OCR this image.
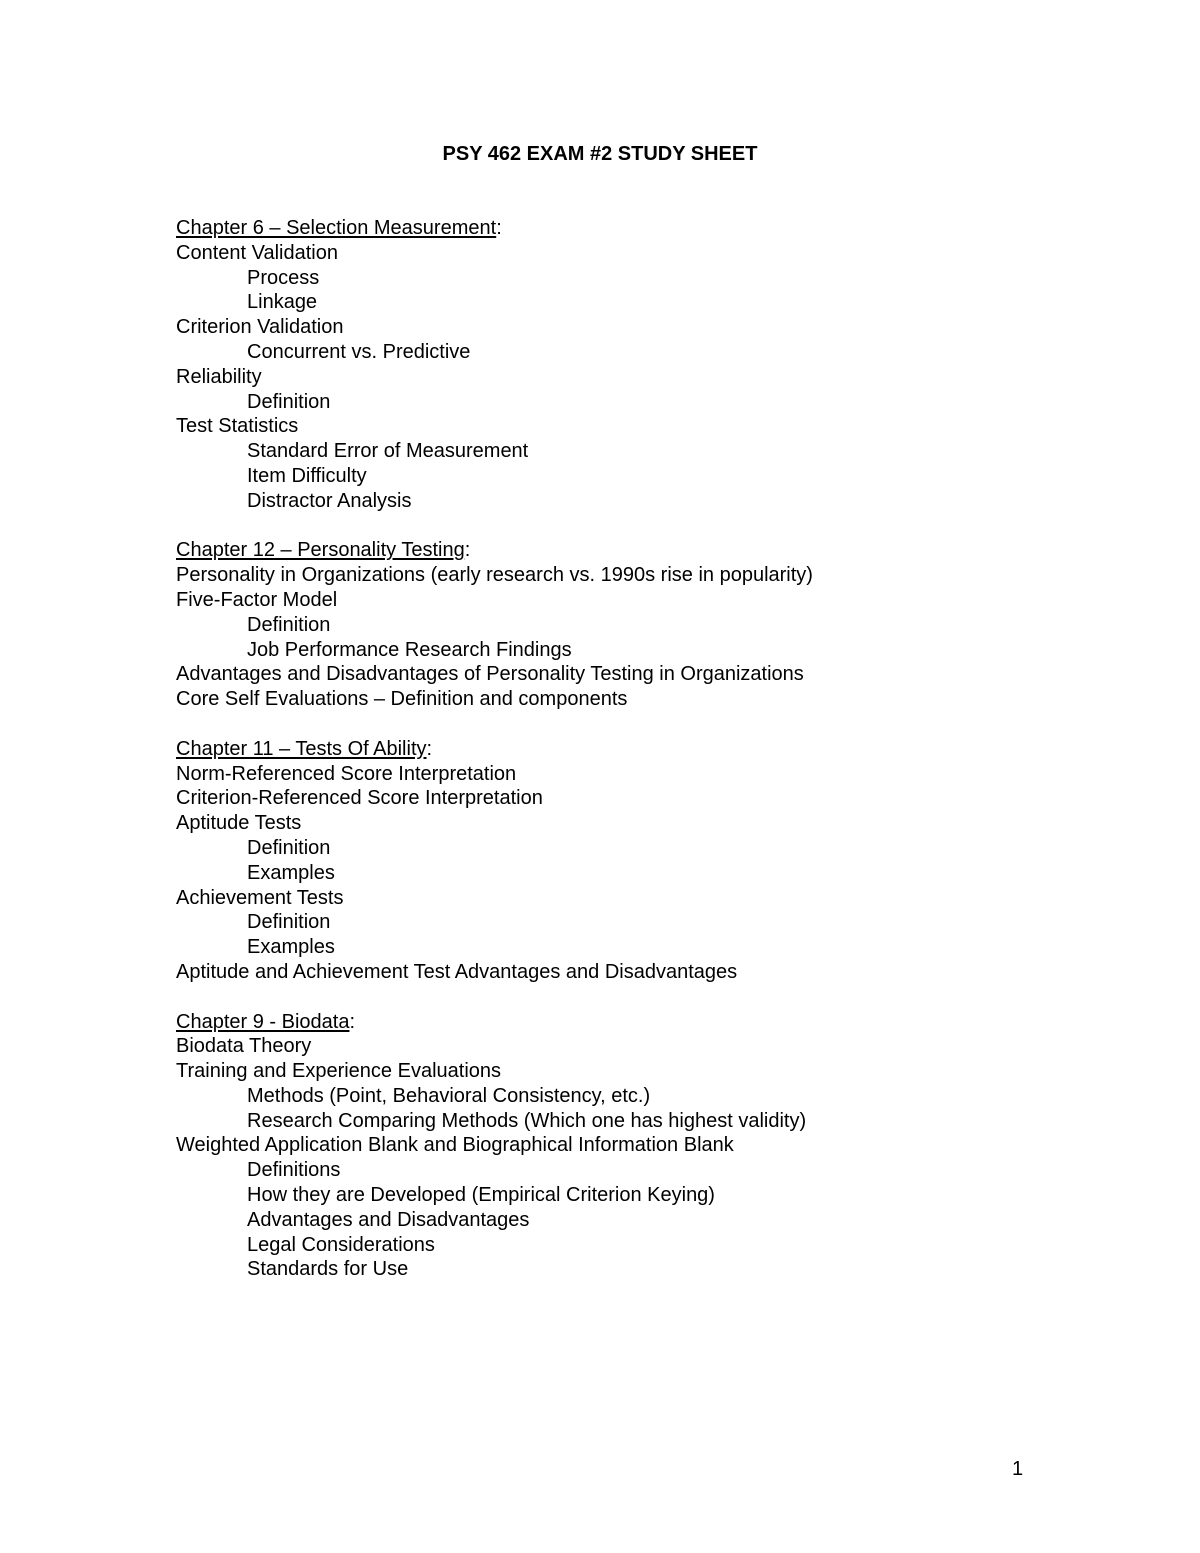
PSY 462 EXAM #2 STUDY SHEET
Chapter 6 – Selection Measurement:
Content Validation
Process
Linkage
Criterion Validation
Concurrent vs. Predictive
Reliability
Definition
Test Statistics
Standard Error of Measurement
Item Difficulty
Distractor Analysis
Chapter 12 – Personality Testing:
Personality in Organizations (early research vs. 1990s rise in popularity)
Five-Factor Model
Definition
Job Performance Research Findings
Advantages and Disadvantages of Personality Testing in Organizations
Core Self Evaluations – Definition and components
Chapter 11 – Tests Of Ability:
Norm-Referenced Score Interpretation
Criterion-Referenced Score Interpretation
Aptitude Tests
Definition
Examples
Achievement Tests
Definition
Examples
Aptitude and Achievement Test Advantages and Disadvantages
Chapter 9 - Biodata:
Biodata Theory
Training and Experience Evaluations
Methods (Point, Behavioral Consistency, etc.)
Research Comparing Methods (Which one has highest validity)
Weighted Application Blank and Biographical Information Blank
Definitions
How they are Developed (Empirical Criterion Keying)
Advantages and Disadvantages
Legal Considerations
Standards for Use
1
